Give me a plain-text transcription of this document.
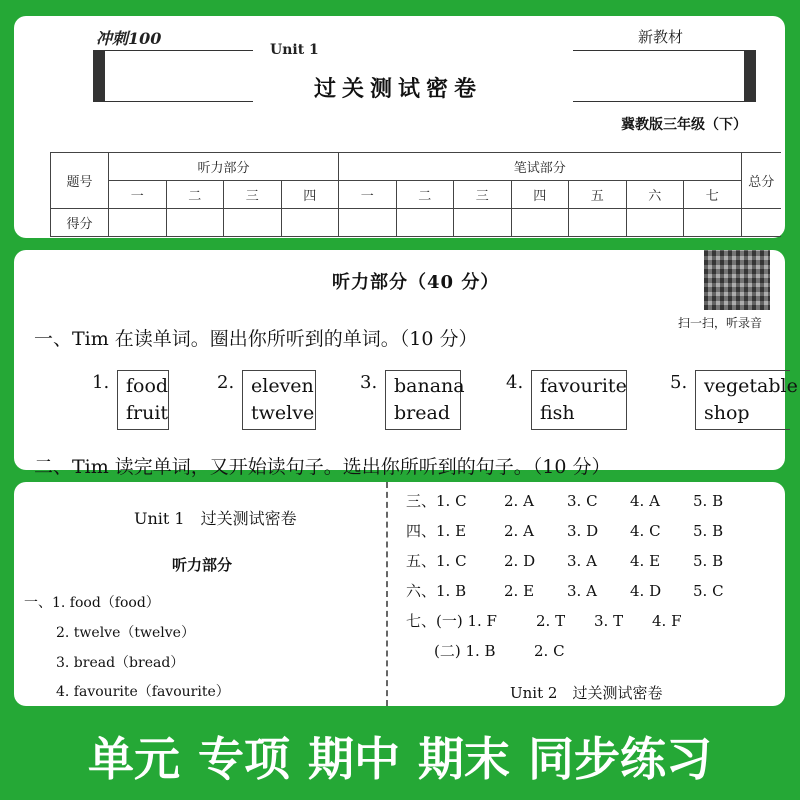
冲刺100
Unit 1
新教材
过关测试密卷
冀教版三年级（下）
题号	听力部分				笔试部分							总分
	一	二	三	四	一	二	三	四	五	六	七	
得分												
听力部分（40 分）
扫一扫，听录音
一、Tim 在读单词。圈出你所听到的单词。（10 分）
1. food
fruit
2. eleven
twelve
3. banana
bread
4. favourite
fish
5. vegetable
shop
二、Tim 读完单词，又开始读句子。选出你所听到的句子。（10 分）
Unit 1　过关测试密卷
听力部分
一、1. food（food）
2. twelve（twelve）
3. bread（bread）
4. favourite（favourite）
三、1. C 2. A 3. C 4. A 5. B
四、1. E	2. A 3. D 4. C 5. B
五、1. C 2. D 3. A 4. E 5. B
六、1. B	2. E 3. A 4. D 5. C
七、(一) 1. F	2. T 3. T 4. F
(二) 1. B	2. C
Unit 2　过关测试密卷
单元 专项 期中 期末 同步练习
